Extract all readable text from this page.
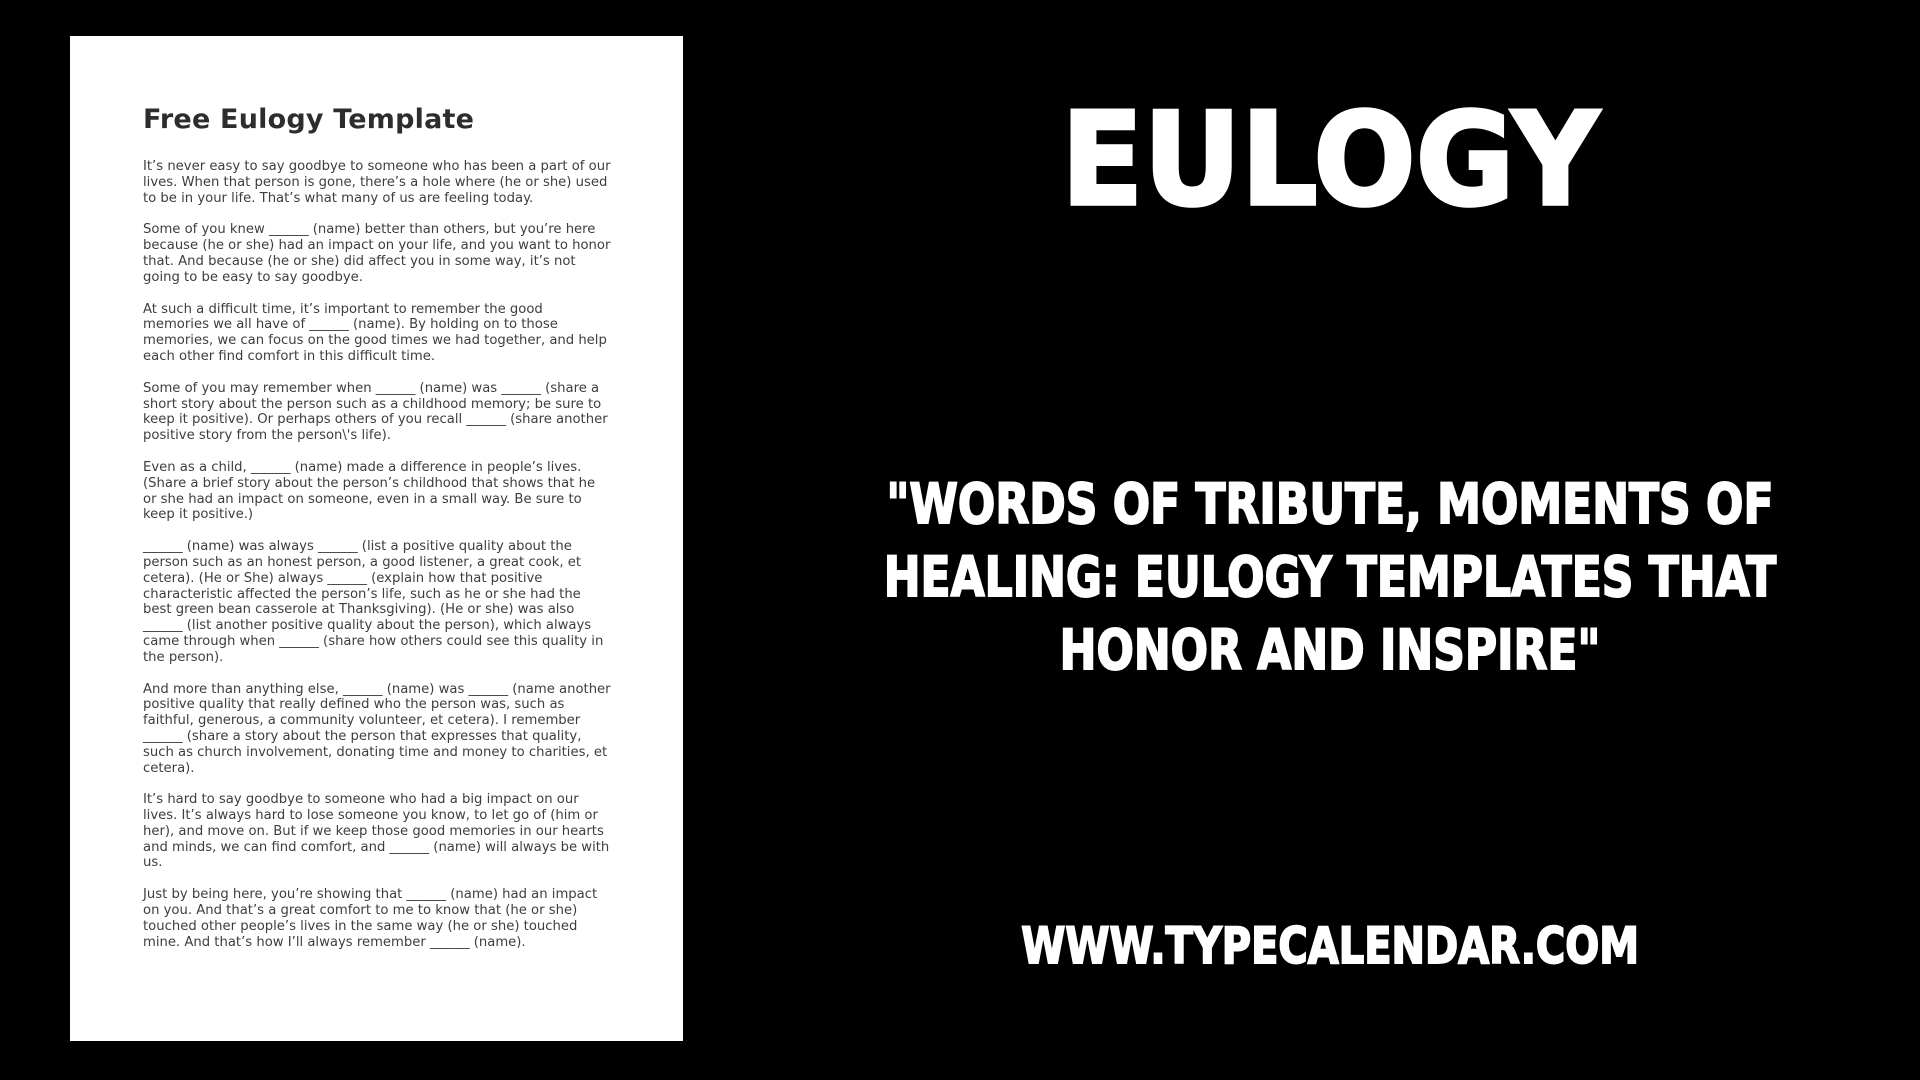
Free Eulogy Template

It’s never easy to say goodbye to someone who has been a part of our lives. When that person is gone, there’s a hole where (he or she) used to be in your life. That’s what many of us are feeling today.

Some of you knew ______ (name) better than others, but you’re here because (he or she) had an impact on your life, and you want to honor that. And because (he or she) did affect you in some way, it’s not going to be easy to say goodbye.

At such a difficult time, it’s important to remember the good memories we all have of ______ (name). By holding on to those memories, we can focus on the good times we had together, and help each other find comfort in this difficult time.

Some of you may remember when ______ (name) was ______ (share a short story about the person such as a childhood memory; be sure to keep it positive). Or perhaps others of you recall ______ (share another positive story from the person\'s life).

Even as a child, ______ (name) made a difference in people’s lives. (Share a brief story about the person’s childhood that shows that he or she had an impact on someone, even in a small way. Be sure to keep it positive.)

______ (name) was always ______ (list a positive quality about the person such as an honest person, a good listener, a great cook, et cetera). (He or She) always ______ (explain how that positive characteristic affected the person’s life, such as he or she had the best green bean casserole at Thanksgiving). (He or she) was also ______ (list another positive quality about the person), which always came through when ______ (share how others could see this quality in the person).

And more than anything else, ______ (name) was ______ (name another positive quality that really defined who the person was, such as faithful, generous, a community volunteer, et cetera). I remember ______ (share a story about the person that expresses that quality, such as church involvement, donating time and money to charities, et cetera).

It’s hard to say goodbye to someone who had a big impact on our lives. It’s always hard to lose someone you know, to let go of (him or her), and move on. But if we keep those good memories in our hearts and minds, we can find comfort, and ______ (name) will always be with us.

Just by being here, you’re showing that ______ (name) had an impact on you. And that’s a great comfort to me to know that (he or she) touched other people’s lives in the same way (he or she) touched mine. And that’s how I’ll always remember ______ (name).

EULOGY
"WORDS OF TRIBUTE, MOMENTS OF
HEALING: EULOGY TEMPLATES THAT
HONOR AND INSPIRE"
WWW.TYPECALENDAR.COM
